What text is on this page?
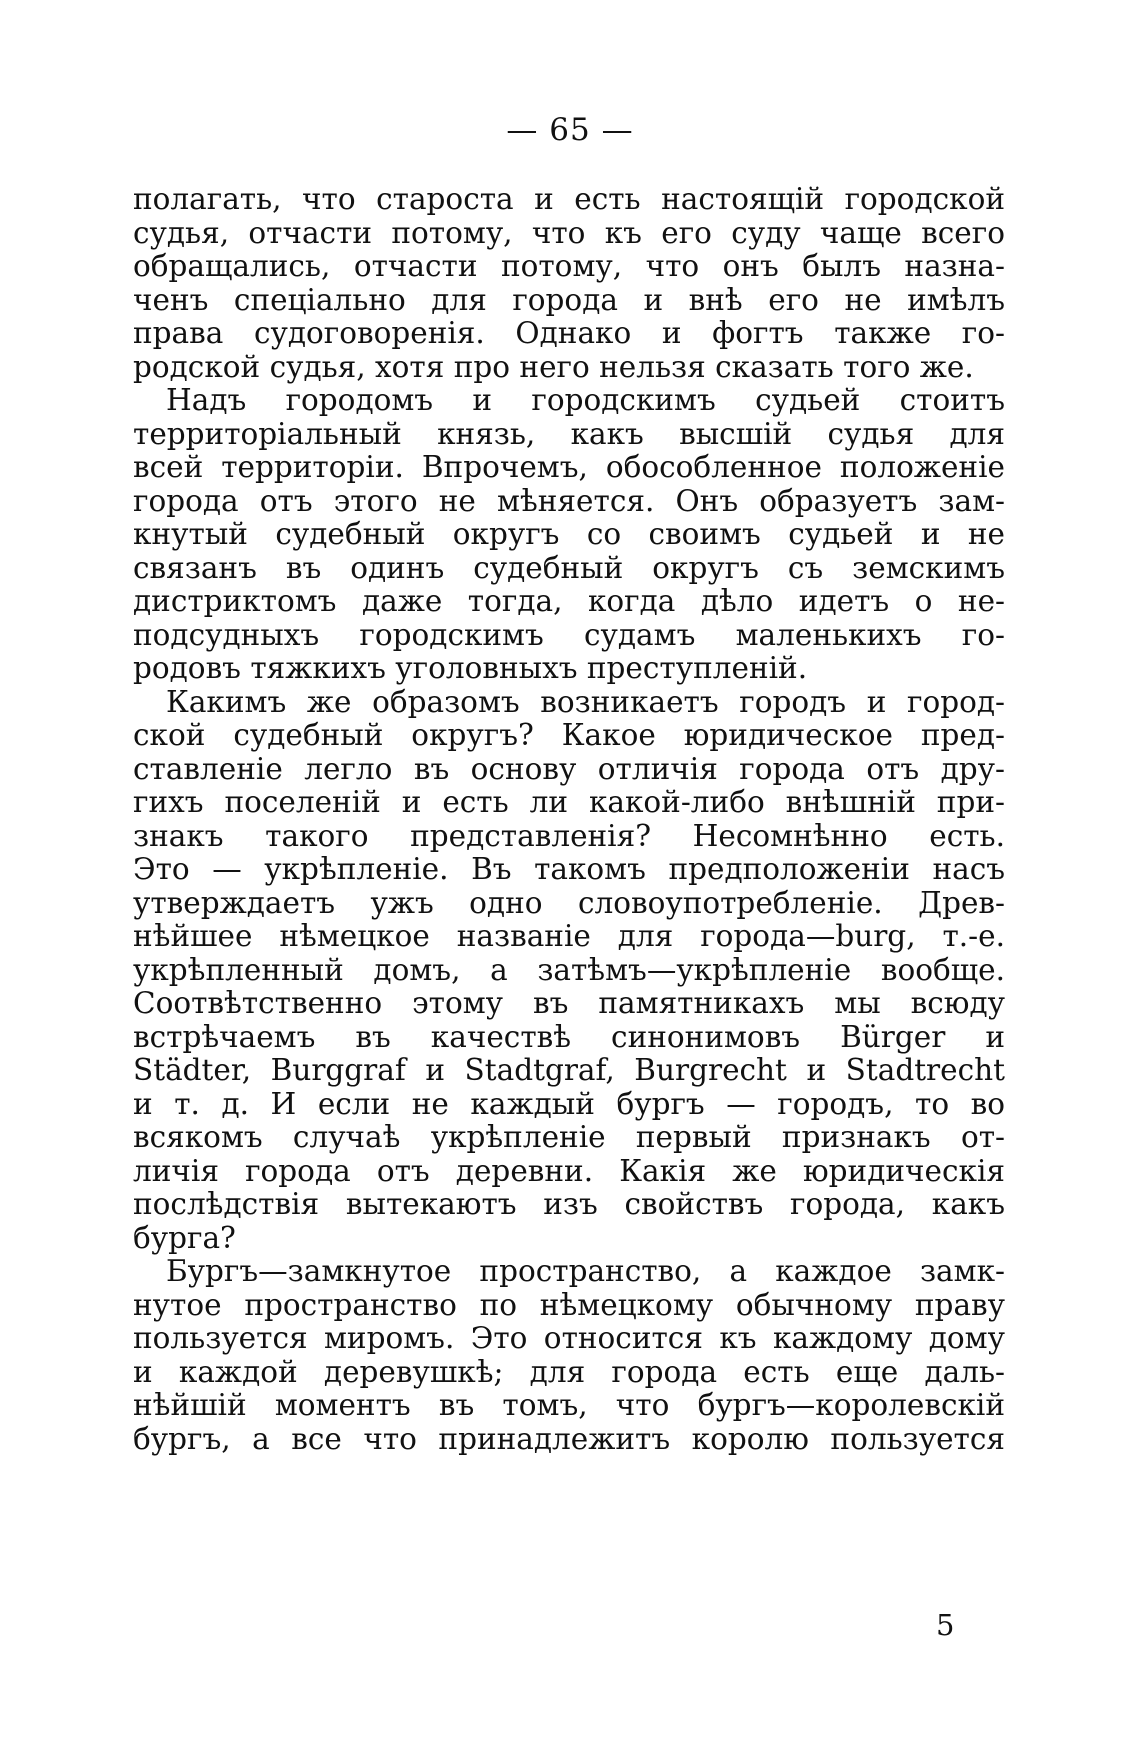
— 65 —
полагать, что староста и есть настоящій городской
судья, отчасти потому, что къ его суду чаще всего
обращались, отчасти потому, что онъ былъ назна-
ченъ спеціально для города и внѣ его не имѣлъ
права судоговоренія. Однако и фогтъ также го-
родской судья, хотя про него нельзя сказать того же.
Надъ городомъ и городскимъ судьей стоитъ
территоріальный князь, какъ высшій судья для
всей территоріи. Впрочемъ, обособленное положеніе
города отъ этого не мѣняется. Онъ образуетъ зам-
кнутый судебный округъ со своимъ судьей и не
связанъ въ одинъ судебный округъ съ земскимъ
дистриктомъ даже тогда, когда дѣло идетъ о не-
подсудныхъ городскимъ судамъ маленькихъ го-
родовъ тяжкихъ уголовныхъ преступленій.
Какимъ же образомъ возникаетъ городъ и город-
ской судебный округъ? Какое юридическое пред-
ставленіе легло въ основу отличія города отъ дру-
гихъ поселеній и есть ли какой-либо внѣшній при-
знакъ такого представленія? Несомнѣнно есть.
Это — укрѣпленіе. Въ такомъ предположеніи насъ
утверждаетъ ужъ одно словоупотребленіе. Древ-
нѣйшее нѣмецкое названіе для города—burg, т.-е.
укрѣпленный домъ, а затѣмъ—укрѣпленіе вообще.
Соотвѣтственно этому въ памятникахъ мы всюду
встрѣчаемъ въ качествѣ синонимовъ Bürger и
Städter, Burggraf и Stadtgraf, Burgrecht и Stadtrecht
и т. д. И если не каждый бургъ — городъ, то во
всякомъ случаѣ укрѣпленіе первый признакъ от-
личія города отъ деревни. Какія же юридическія
послѣдствія вытекаютъ изъ свойствъ города, какъ
бурга?
Бургъ—замкнутое пространство, а каждое замк-
нутое пространство по нѣмецкому обычному праву
пользуется миромъ. Это относится къ каждому дому
и каждой деревушкѣ; для города есть еще даль-
нѣйшій моментъ въ томъ, что бургъ—королевскій
бургъ, а все что принадлежитъ королю пользуется
5
